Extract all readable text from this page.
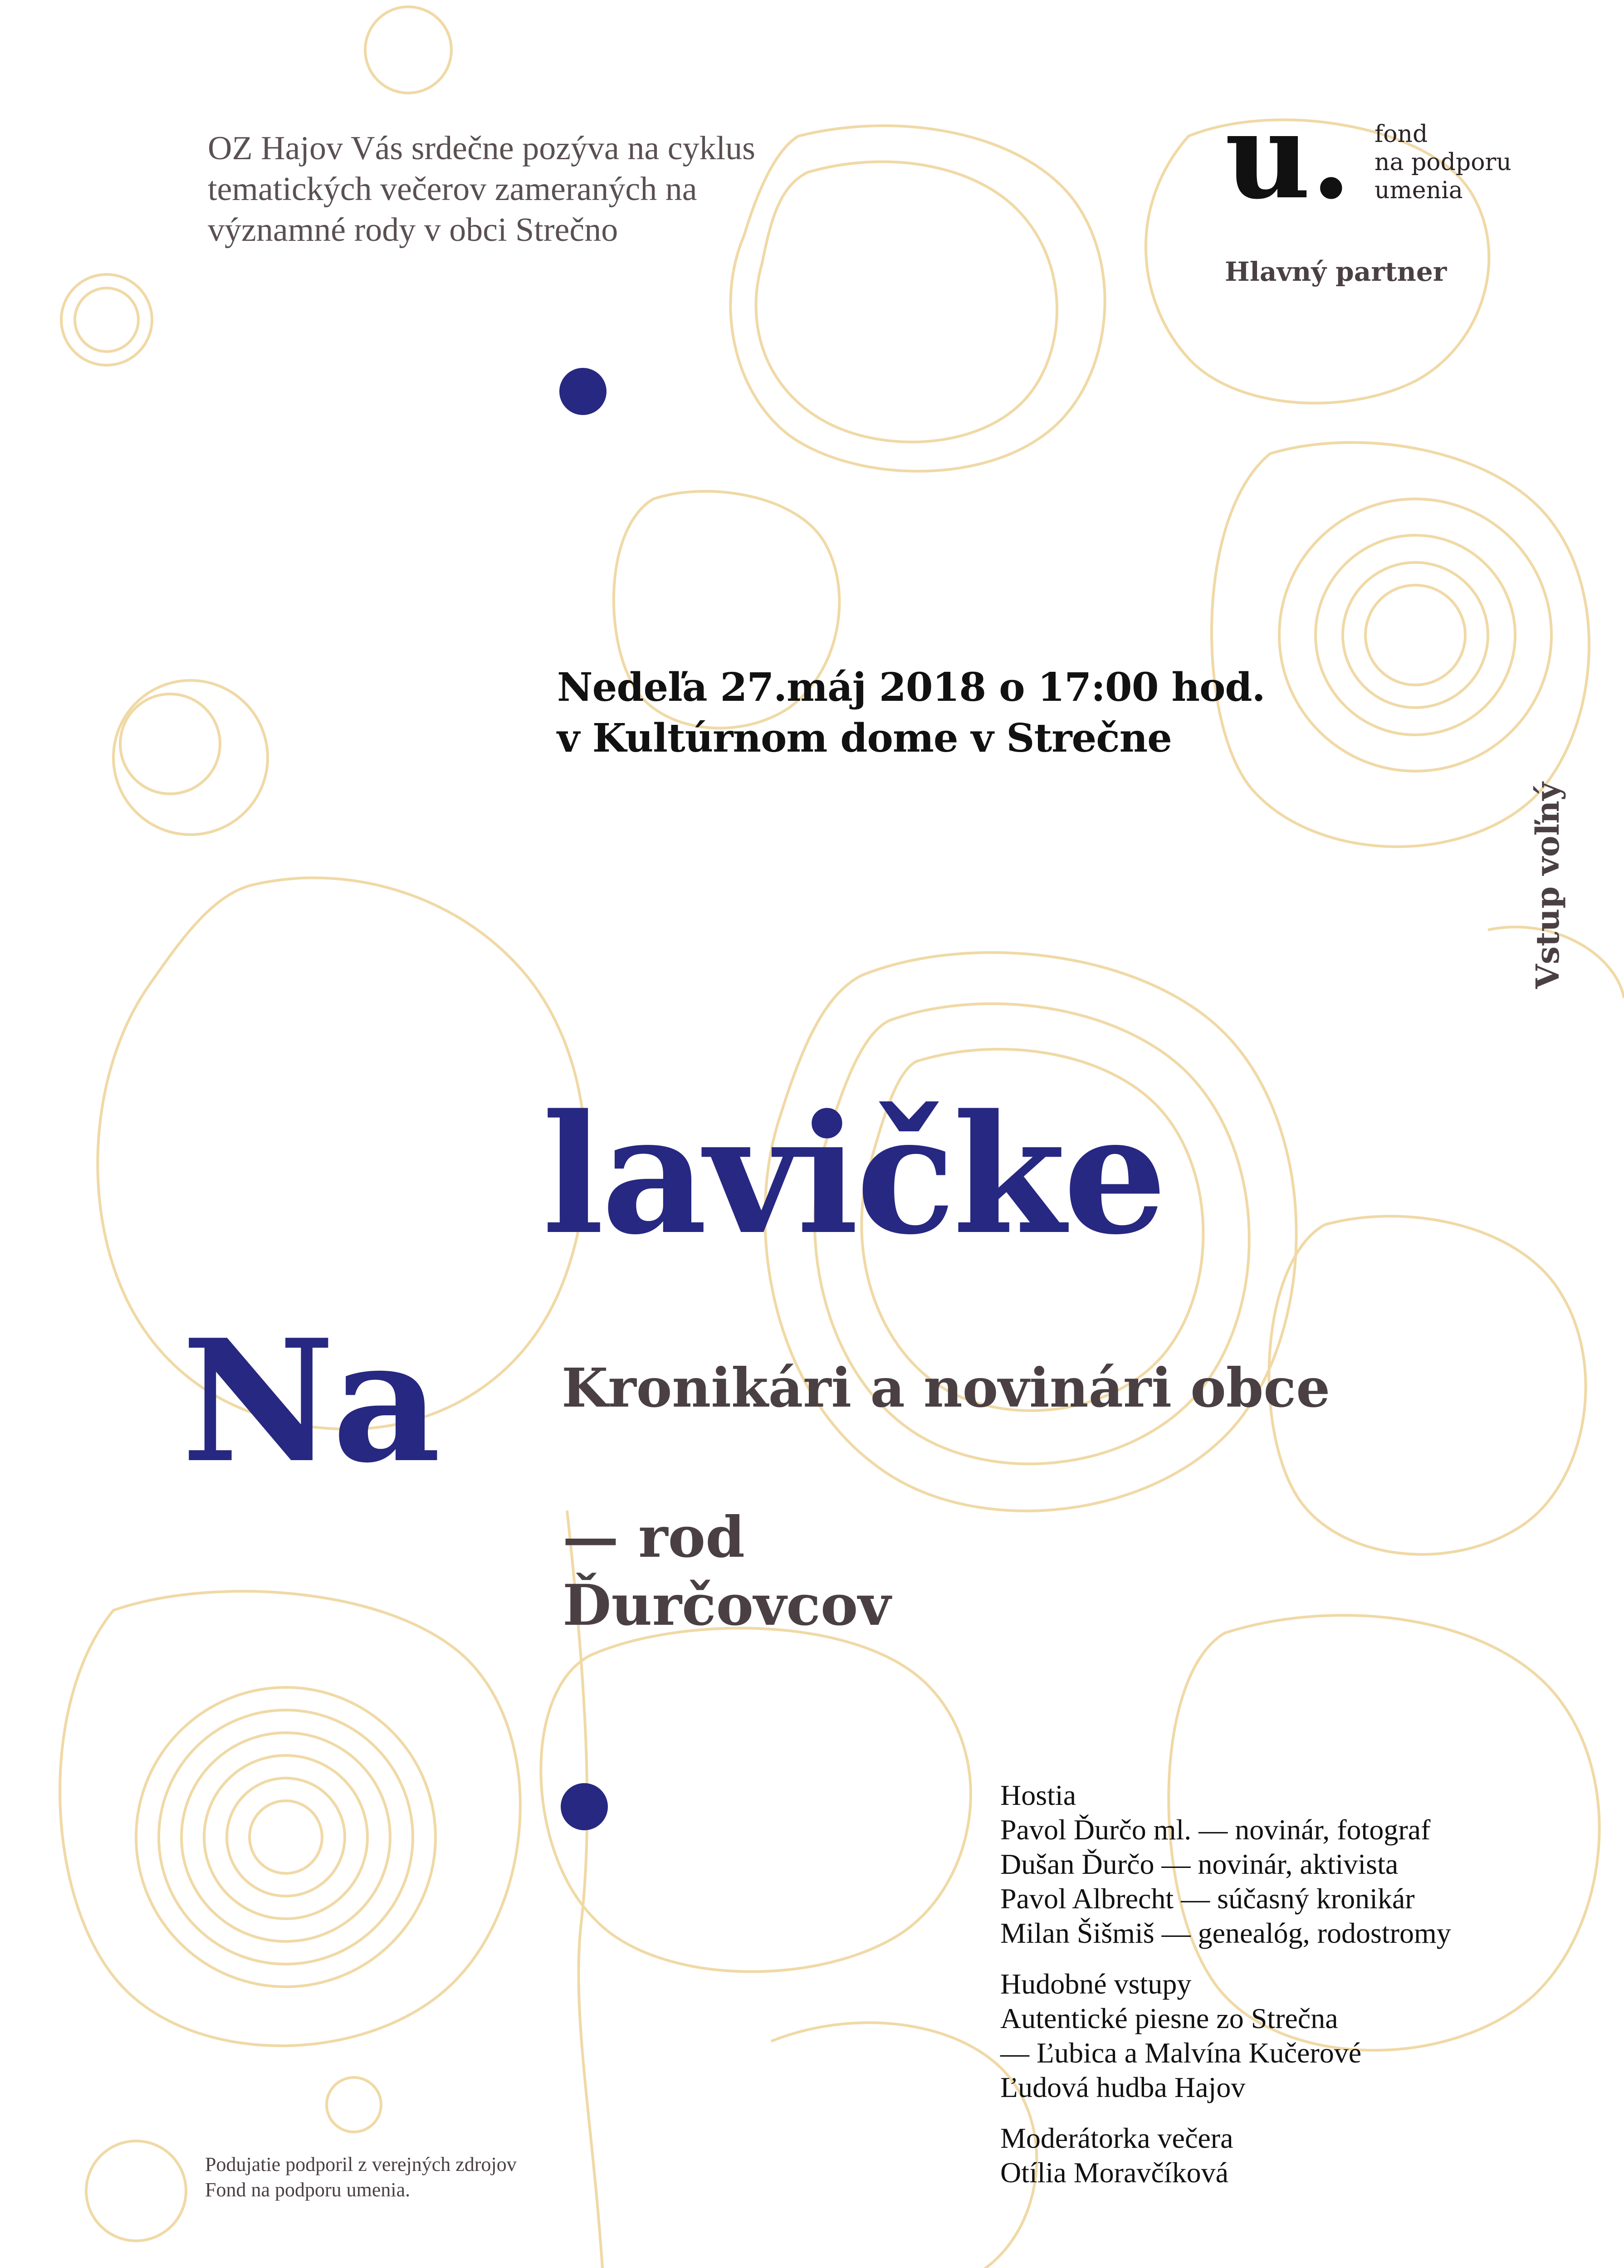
OZ Hajov Vás srdečne pozýva na cyklus
tematických večerov zameraných na
významné rody v obci Strečno
u. fond
na podporu
umenia
Hlavný partner
Nedeľa 27.máj 2018 o 17:00 hod.
v Kultúrnom dome v Strečne
Vstup voľný
lavičke
Na Kronikári a novinári obce
— rod
Ďurčovcov
Hostia
Pavol Ďurčo ml. — novinár, fotograf
Dušan Ďurčo — novinár, aktivista
Pavol Albrecht — súčasný kronikár
Milan Šišmiš — genealóg, rodostromy
Hudobné vstupy
Autentické piesne zo Strečna
— Ľubica a Malvína Kučerové
Ľudová hudba Hajov
Moderátorka večera
Otília Moravčíková
Podujatie podporil z verejných zdrojov
Fond na podporu umenia.
